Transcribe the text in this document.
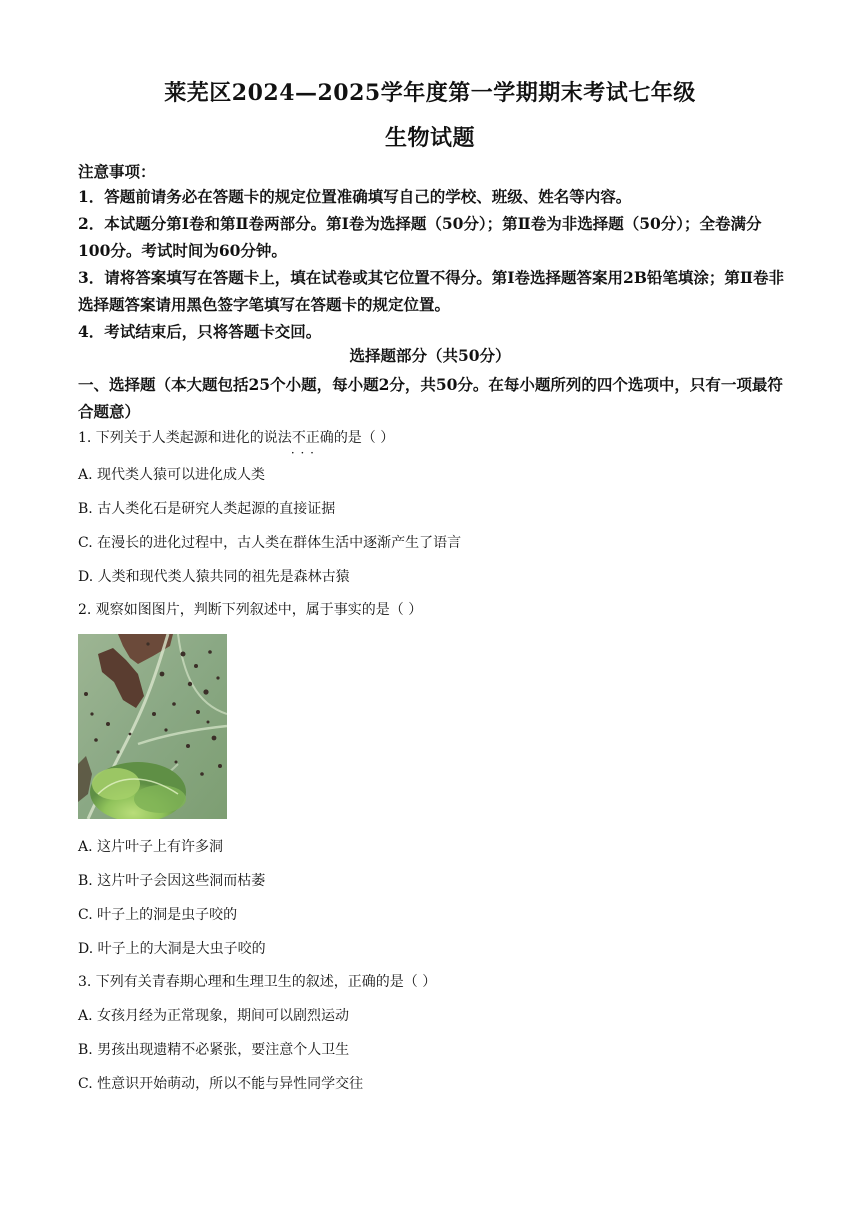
莱芜区2024—2025学年度第一学期期末考试七年级
生物试题
注意事项：
1．答题前请务必在答题卡的规定位置准确填写自己的学校、班级、姓名等内容。
2．本试题分第Ⅰ卷和第Ⅱ卷两部分。第Ⅰ卷为选择题（50分）；第Ⅱ卷为非选择题（50分）；全卷满分100分。考试时间为60分钟。
3．请将答案填写在答题卡上，填在试卷或其它位置不得分。第Ⅰ卷选择题答案用2B铅笔填涂；第Ⅱ卷非选择题答案请用黑色签字笔填写在答题卡的规定位置。
4．考试结束后，只将答题卡交回。
选择题部分（共50分）
一、选择题（本大题包括25个小题，每小题2分，共50分。在每小题所列的四个选项中，只有一项最符合题意）
1. 下列关于人类起源和进化的说法不正确 · · ·的是（ ）
A. 现代类人猿可以进化成人类
B. 古人类化石是研究人类起源的直接证据
C. 在漫长的进化过程中，古人类在群体生活中逐渐产生了语言
D. 人类和现代类人猿共同的祖先是森林古猿
2. 观察如图图片，判断下列叙述中，属于事实的是（ ）
A. 这片叶子上有许多洞
B. 这片叶子会因这些洞而枯萎
C. 叶子上的洞是虫子咬的
D. 叶子上的大洞是大虫子咬的
3. 下列有关青春期心理和生理卫生的叙述，正确的是（ ）
A. 女孩月经为正常现象，期间可以剧烈运动
B. 男孩出现遗精不必紧张，要注意个人卫生
C. 性意识开始萌动，所以不能与异性同学交往
